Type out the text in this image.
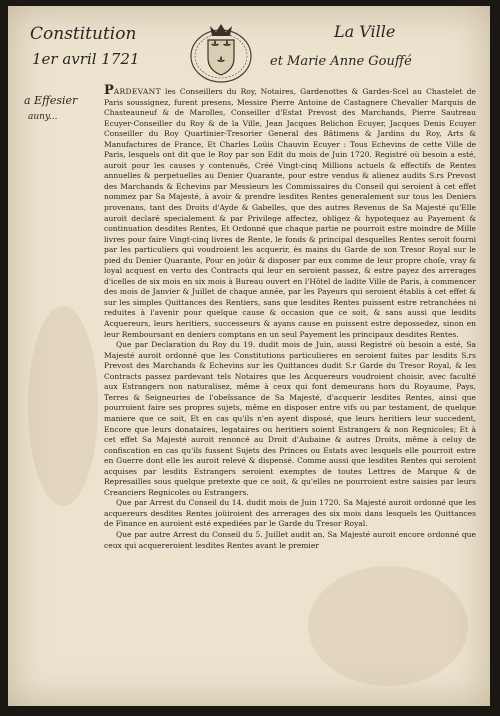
Constitution
1er avril 1721
La Ville
et Marie Anne Gouffé
a Effesier
auny...

PARDEVANT les Conseillers du Roy, Notaires, Gardenottes & Gardes-Scel au Chastelet de Paris soussignez, furent presens, Messire Pierre Antoine de Castagnere Chevalier Marquis de Chasteauneuf & de Marolles, Conseiller d'Estat Prevost des Marchands, Pierre Sautreau Ecuyer-Conseiller du Roy & de la Ville, Jean Jacques Belichon Ecuyer, Jacques Denis Ecuyer Conseiller du Roy Quartinier-Tresorier General des Bâtimens & Jardins du Roy, Arts & Manufactures de France, Et Charles Loüis Chauvin Ecuyer : Tous Echevins de cette Ville de Paris, lesquels ont dit que le Roy par son Edit du mois de Juin 1720. Registré où besoin a esté, auroit pour les causes y contenuës, Créé Vingt-cinq Millions actuels & effectifs de Rentes annuelles & perpetuelles au Denier Quarante, pour estre vendus & alienez audits S.rs Prevost des Marchands & Echevins par Messieurs les Commissaires du Conseil qui seroient à cet effet nommez par Sa Majesté, à avoir & prendre lesdites Rentes generalement sur tous les Deniers provenans, tant des Droits d'Ayde & Gabelles, que des autres Revenus de Sa Majesté qu'Elle auroit declaré specialement & par Privilege affectez, obligez & hypotequez au Payement & continuation desdites Rentes, Et Ordonné que chaque partie ne pourroit estre moindre de Mille livres pour faire Vingt-cinq livres de Rente, le fonds & principal desquelles Rentes seroit fourni par les particuliers qui voudroient les acquerir, ès mains du Garde de son Tresor Royal sur le pied du Denier Quarante, Pour en joüir & disposer par eux comme de leur propre choſe, vray & loyal acquest en vertu des Contracts qui leur en seroient passez, & estre payez des arrerages d'icelles de six mois en six mois à Bureau ouvert en l'Hôtel de ladite Ville de Paris, à commencer des mois de Janvier & Juillet de chaque année, par les Payeurs qui seroient établis à cet effet & sur les simples Quittances des Rentiers, sans que lesdites Rentes puissent estre retranchées ni reduites à l'avenir pour quelque cause & occasion que ce soit, & sans aussi que lesdits Acquereurs, leurs heritiers, successeurs & ayans cause en puissent estre depossedez, sinon en leur Remboursant en deniers comptans en un seul Payement les principaux desdites Rentes.

Que par Declaration du Roy du 19. dudit mois de Juin, aussi Registré où besoin a esté, Sa Majesté auroit ordonné que les Constitutions particulieres en seroient faites par lesdits S.rs Prevost des Marchands & Echevins sur les Quittances dudit S.r Garde du Tresor Royal, & les Contracts passez pardevant tels Notaires que les Acquereurs voudroient choisir, avec faculté aux Estrangers non naturalisez, même à ceux qui font demeurans hors du Royaume, Pays, Terres & Seigneuries de l'obeïssance de Sa Majesté, d'acquerir lesdites Rentes, ainsi que pourroient faire ses propres sujets, même en disposer entre vifs ou par testament, de quelque maniere que ce soit, Et en cas qu'ils n'en ayent disposé, que leurs heritiers leur succedent, Encore que leurs donataires, legataires ou heritiers soient Estrangers & non Regnicoles; Et à cet effet Sa Majesté auroit renoncé au Droit d'Aubaine & autres Droits, même à celuy de confiscation en cas qu'ils fussent Sujets des Princes ou Estats avec lesquels elle pourroit estre en Guerre dont elle les auroit relevé & dispensé. Comme aussi que lesdites Rentes qui seroient acquises par lesdits Estrangers seroient exemptes de toutes Lettres de Marque & de Represailles sous quelque pretexte que ce soit, & qu'elles ne pourroient estre saisies par leurs Creanciers Regnicoles ou Estrangers.

Que par Arrest du Conseil du 14. dudit mois de Juin 1720. Sa Majesté auroit ordonné que les acquereurs desdites Rentes joüiroient des arrerages des six mois dans lesquels les Quittances de Finance en auroient esté expediées par le Garde du Tresor Royal.

Que par autre Arrest du Conseil du 5. Juillet audit an, Sa Majesté auroit encore ordonné que ceux qui acquereroient lesdites Rentes avant le premier
